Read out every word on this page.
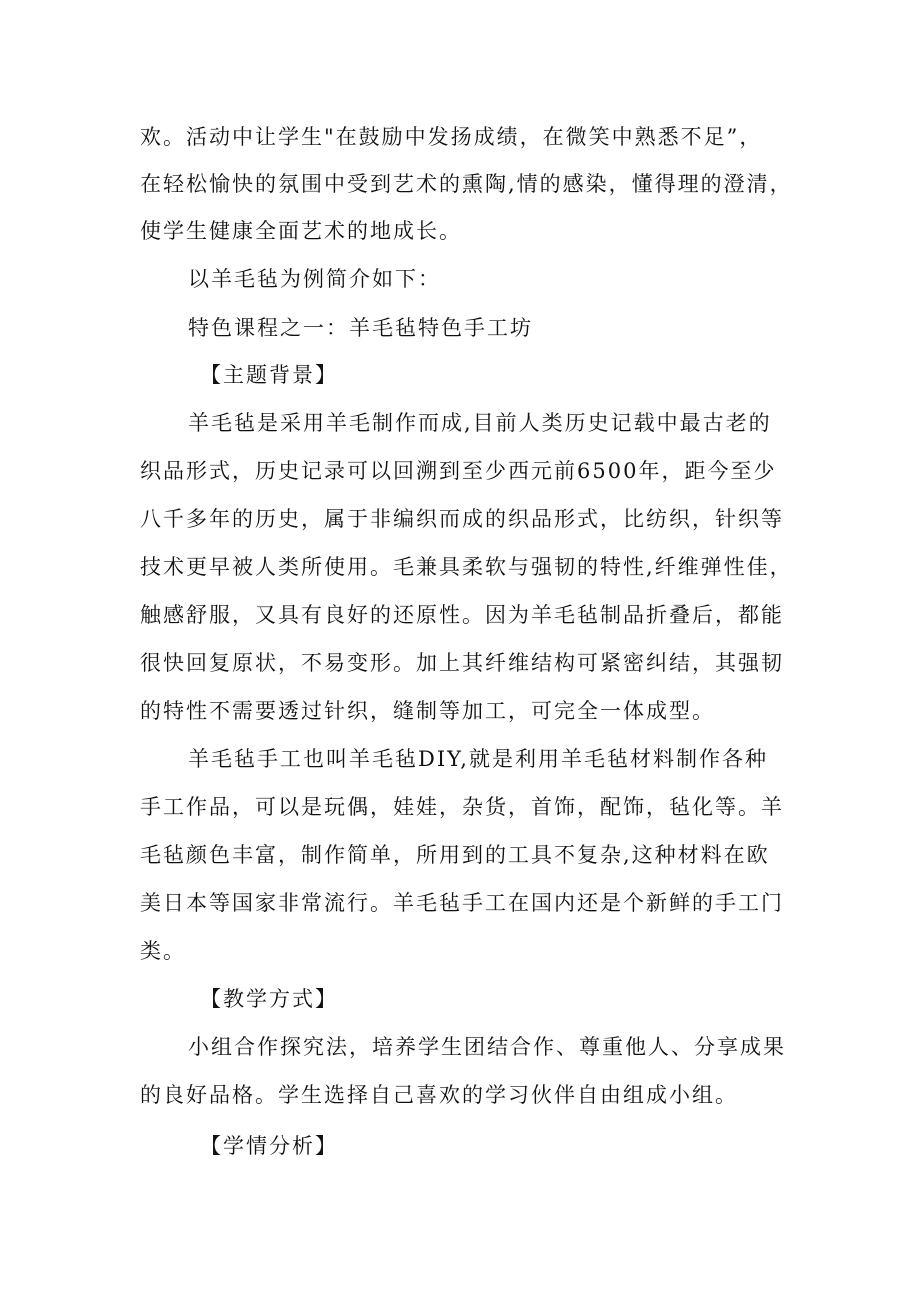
欢。活动中让学生"在鼓励中发扬成绩，在微笑中熟悉不足”，
在轻松愉快的氛围中受到艺术的熏陶,情的感染，懂得理的澄清，
使学生健康全面艺术的地成长。
以羊毛毡为例简介如下：
特色课程之一：羊毛毡特色手工坊
【主题背景】
羊毛毡是采用羊毛制作而成,目前人类历史记载中最古老的
织品形式，历史记录可以回溯到至少西元前6500年，距今至少
八千多年的历史，属于非编织而成的织品形式，比纺织，针织等
技术更早被人类所使用。毛兼具柔软与强韧的特性,纤维弹性佳，
触感舒服，又具有良好的还原性。因为羊毛毡制品折叠后，都能
很快回复原状，不易变形。加上其纤维结构可紧密纠结，其强韧
的特性不需要透过针织，缝制等加工，可完全一体成型。
羊毛毡手工也叫羊毛毡DIY,就是利用羊毛毡材料制作各种
手工作品，可以是玩偶，娃娃，杂货，首饰，配饰，毡化等。羊
毛毡颜色丰富，制作简单，所用到的工具不复杂,这种材料在欧
美日本等国家非常流行。羊毛毡手工在国内还是个新鲜的手工门
类。
【教学方式】
小组合作探究法，培养学生团结合作、尊重他人、分享成果
的良好品格。学生选择自己喜欢的学习伙伴自由组成小组。
【学情分析】
